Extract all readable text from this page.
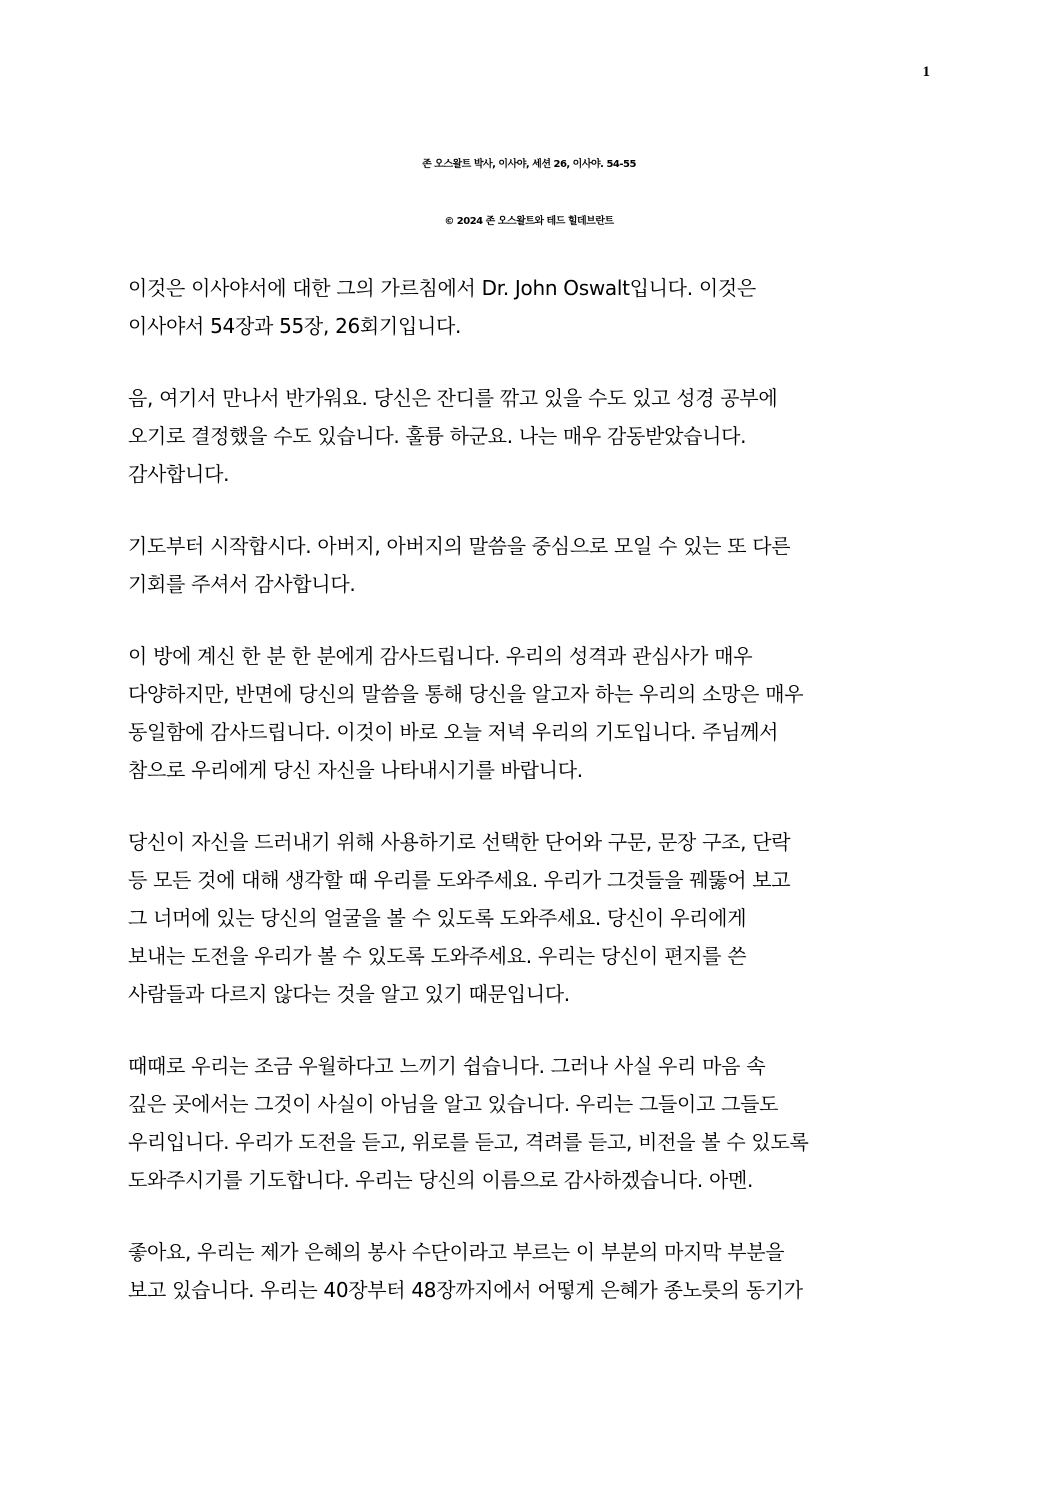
1
존 오스왈트 박사, 이사야, 세션 26, 이사야. 54-55
© 2024 존 오스왈트와 테드 힐데브란트
이것은 이사야서에 대한 그의 가르침에서 Dr. John Oswalt입니다. 이것은
이사야서 54장과 55장, 26회기입니다.
음, 여기서 만나서 반가워요. 당신은 잔디를 깎고 있을 수도 있고 성경 공부에
오기로 결정했을 수도 있습니다. 훌륭 하군요. 나는 매우 감동받았습니다.
감사합니다.
기도부터 시작합시다. 아버지, 아버지의 말씀을 중심으로 모일 수 있는 또 다른
기회를 주셔서 감사합니다.
이 방에 계신 한 분 한 분에게 감사드립니다. 우리의 성격과 관심사가 매우
다양하지만, 반면에 당신의 말씀을 통해 당신을 알고자 하는 우리의 소망은 매우
동일함에 감사드립니다. 이것이 바로 오늘 저녁 우리의 기도입니다. 주님께서
참으로 우리에게 당신 자신을 나타내시기를 바랍니다.
당신이 자신을 드러내기 위해 사용하기로 선택한 단어와 구문, 문장 구조, 단락
등 모든 것에 대해 생각할 때 우리를 도와주세요. 우리가 그것들을 꿰뚫어 보고
그 너머에 있는 당신의 얼굴을 볼 수 있도록 도와주세요. 당신이 우리에게
보내는 도전을 우리가 볼 수 있도록 도와주세요. 우리는 당신이 편지를 쓴
사람들과 다르지 않다는 것을 알고 있기 때문입니다.
때때로 우리는 조금 우월하다고 느끼기 쉽습니다. 그러나 사실 우리 마음 속
깊은 곳에서는 그것이 사실이 아님을 알고 있습니다. 우리는 그들이고 그들도
우리입니다. 우리가 도전을 듣고, 위로를 듣고, 격려를 듣고, 비전을 볼 수 있도록
도와주시기를 기도합니다. 우리는 당신의 이름으로 감사하겠습니다. 아멘.
좋아요, 우리는 제가 은혜의 봉사 수단이라고 부르는 이 부분의 마지막 부분을
보고 있습니다. 우리는 40장부터 48장까지에서 어떻게 은혜가 종노릇의 동기가
